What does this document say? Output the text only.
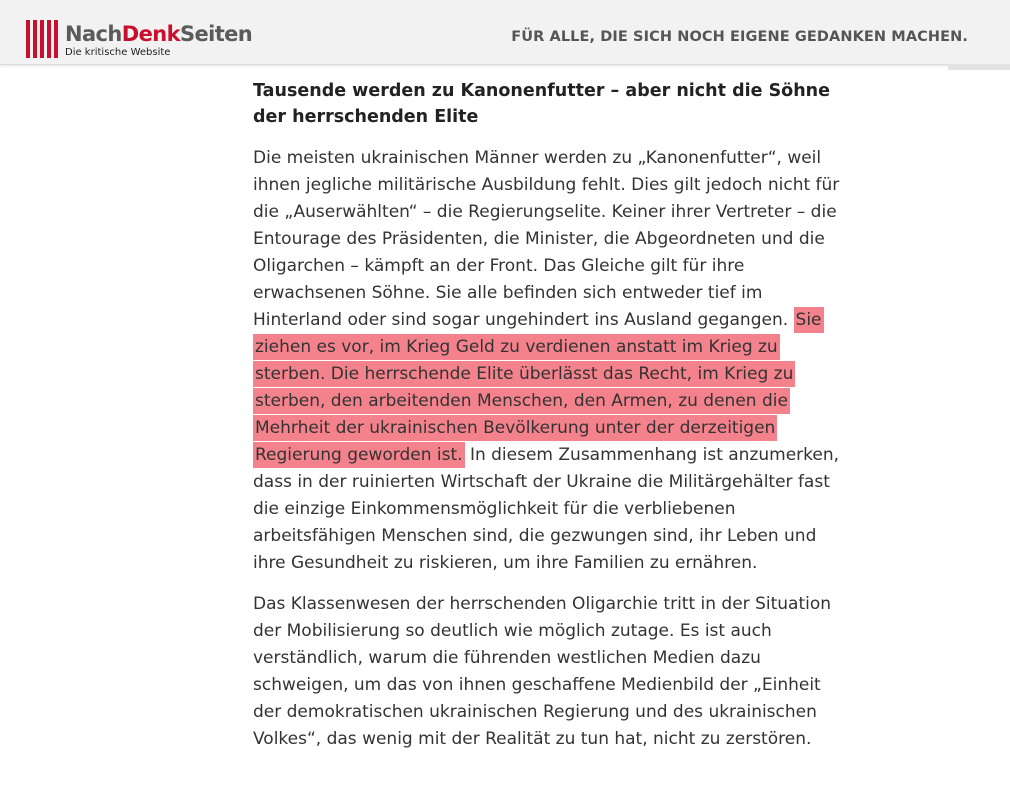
NachDenkSeiten
Die kritische Website
FÜR ALLE, DIE SICH NOCH EIGENE GEDANKEN MACHEN.
Tausende werden zu Kanonenfutter – aber nicht die Söhne der herrschenden Elite

Die meisten ukrainischen Männer werden zu „Kanonenfutter“, weil ihnen jegliche militärische Ausbildung fehlt. Dies gilt jedoch nicht für die „Auserwählten“ – die Regierungselite. Keiner ihrer Vertreter – die Entourage des Präsidenten, die Minister, die Abgeordneten und die Oligarchen – kämpft an der Front. Das Gleiche gilt für ihre erwachsenen Söhne. Sie alle befinden sich entweder tief im Hinterland oder sind sogar ungehindert ins Ausland gegangen. Sie ziehen es vor, im Krieg Geld zu verdienen anstatt im Krieg zu sterben. Die herrschende Elite überlässt das Recht, im Krieg zu sterben, den arbeitenden Menschen, den Armen, zu denen die Mehrheit der ukrainischen Bevölkerung unter der derzeitigen Regierung geworden ist. In diesem Zusammenhang ist anzumerken, dass in der ruinierten Wirtschaft der Ukraine die Militärgehälter fast die einzige Einkommensmöglichkeit für die verbliebenen arbeitsfähigen Menschen sind, die gezwungen sind, ihr Leben und ihre Gesundheit zu riskieren, um ihre Familien zu ernähren.

Das Klassenwesen der herrschenden Oligarchie tritt in der Situation der Mobilisierung so deutlich wie möglich zutage. Es ist auch verständlich, warum die führenden westlichen Medien dazu schweigen, um das von ihnen geschaffene Medienbild der „Einheit der demokratischen ukrainischen Regierung und des ukrainischen Volkes“, das wenig mit der Realität zu tun hat, nicht zu zerstören.
